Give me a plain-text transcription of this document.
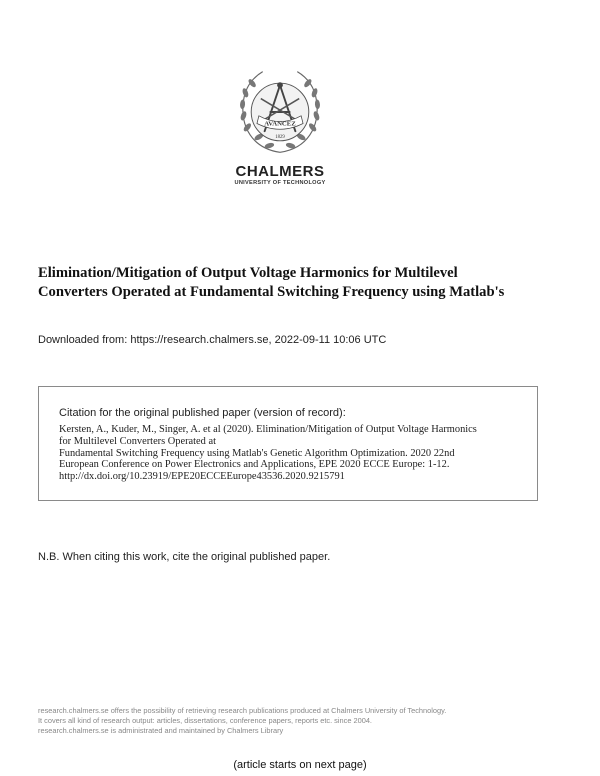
AVANCEZ
1829
CHALMERS
UNIVERSITY OF TECHNOLOGY
Elimination/Mitigation of Output Voltage Harmonics for Multilevel
Converters Operated at Fundamental Switching Frequency using Matlab's
Downloaded from: https://research.chalmers.se, 2022-09-11 10:06 UTC
Citation for the original published paper (version of record):
Kersten, A., Kuder, M., Singer, A. et al (2020). Elimination/Mitigation of Output Voltage Harmonics
for Multilevel Converters Operated at
Fundamental Switching Frequency using Matlab's Genetic Algorithm Optimization. 2020 22nd
European Conference on Power Electronics and Applications, EPE 2020 ECCE Europe: 1-12.
http://dx.doi.org/10.23919/EPE20ECCEEurope43536.2020.9215791
N.B. When citing this work, cite the original published paper.
research.chalmers.se offers the possibility of retrieving research publications produced at Chalmers University of Technology.
It covers all kind of research output: articles, dissertations, conference papers, reports etc. since 2004.
research.chalmers.se is administrated and maintained by Chalmers Library
(article starts on next page)
